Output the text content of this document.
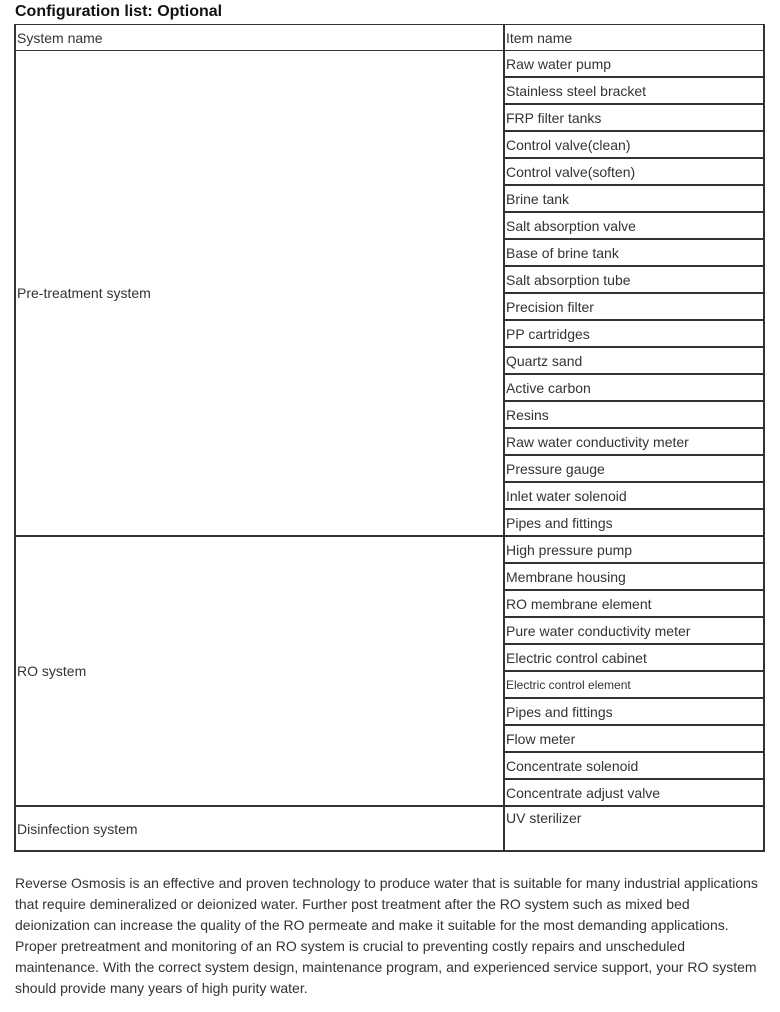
Configuration list: Optional
System name	Item name
Pre-treatment system	Raw water pump
	Stainless steel bracket
	FRP filter tanks
	Control valve(clean)
	Control valve(soften)
	Brine tank
	Salt absorption valve
	Base of brine tank
	Salt absorption tube
	Precision filter
	PP cartridges
	Quartz sand
	Active carbon
	Resins
	Raw water conductivity meter
	Pressure gauge
	Inlet water solenoid
	Pipes and fittings
RO system	High pressure pump
	Membrane housing
	RO membrane element
	Pure water conductivity meter
	Electric control cabinet
	Electric control element
	Pipes and fittings
	Flow meter
	Concentrate solenoid
	Concentrate adjust valve
Disinfection system	UV sterilizer

Reverse Osmosis is an effective and proven technology to produce water that is suitable for many industrial applications that require demineralized or deionized water. Further post treatment after the RO system such as mixed bed deionization can increase the quality of the RO permeate and make it suitable for the most demanding applications. Proper pretreatment and monitoring of an RO system is crucial to preventing costly repairs and unscheduled maintenance. With the correct system design, maintenance program, and experienced service support, your RO system should provide many years of high purity water.
